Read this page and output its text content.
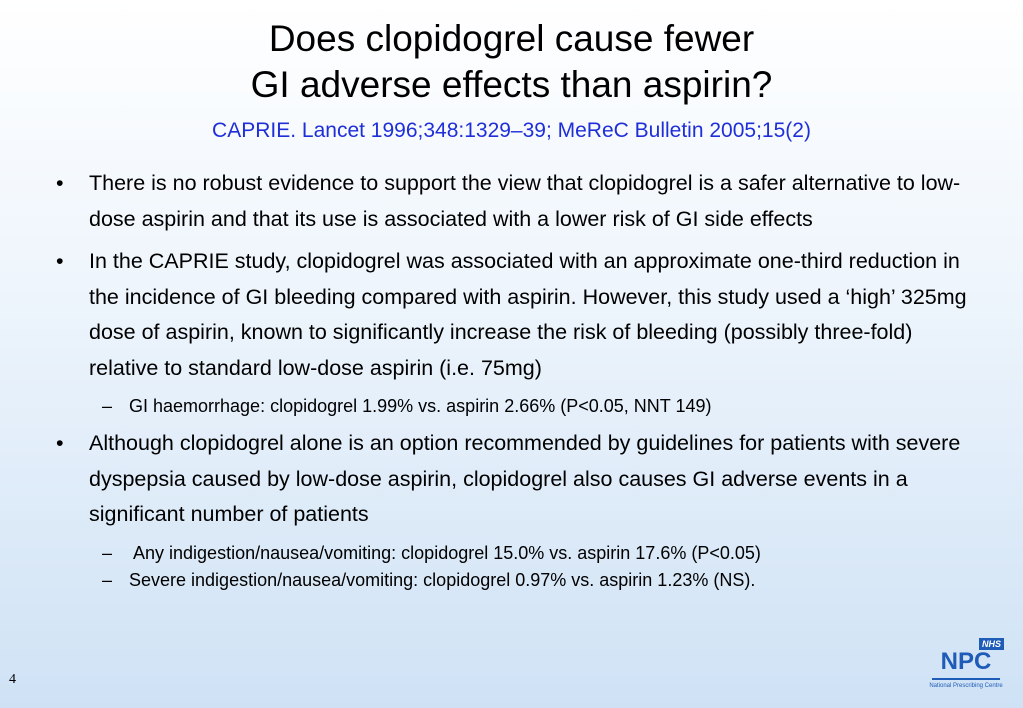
Does clopidogrel cause fewer
GI adverse effects than aspirin?
CAPRIE. Lancet 1996;348:1329–39; MeReC Bulletin 2005;15(2)
• There is no robust evidence to support the view that clopidogrel is a safer alternative to low-dose aspirin and that its use is associated with a lower risk of GI side effects
• In the CAPRIE study, clopidogrel was associated with an approximate one-third reduction in the incidence of GI bleeding compared with aspirin. However, this study used a ‘high’ 325mg dose of aspirin, known to significantly increase the risk of bleeding (possibly three-fold) relative to standard low-dose aspirin (i.e. 75mg)
– GI haemorrhage: clopidogrel 1.99% vs. aspirin 2.66% (P<0.05, NNT 149)
• Although clopidogrel alone is an option recommended by guidelines for patients with severe dyspepsia caused by low-dose aspirin, clopidogrel also causes GI adverse events in a significant number of patients
– Any indigestion/nausea/vomiting: clopidogrel 15.0% vs. aspirin 17.6% (P<0.05)
– Severe indigestion/nausea/vomiting: clopidogrel 0.97% vs. aspirin 1.23% (NS).
4
NHS
NPC
National Prescribing Centre
